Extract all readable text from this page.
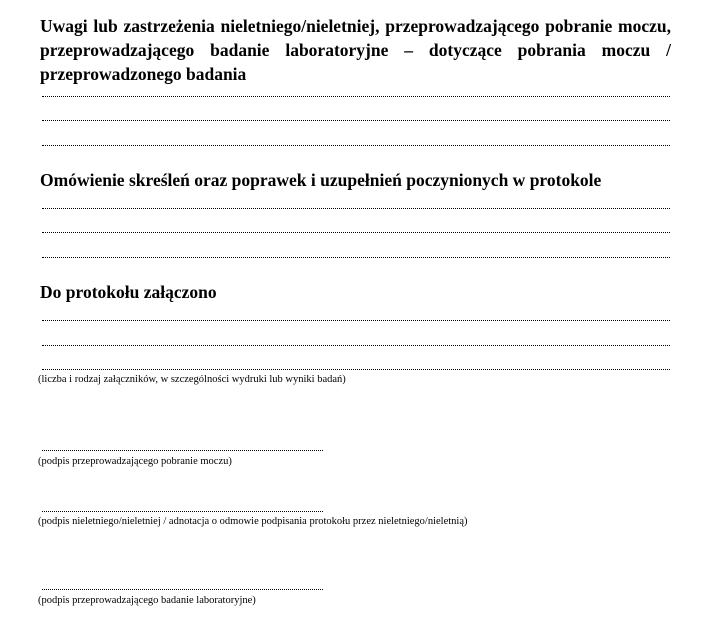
Uwagi lub zastrzeżenia nieletniego/nieletniej, przeprowadzającego pobranie moczu, przeprowadzającego badanie laboratoryjne – dotyczące pobrania moczu / przeprowadzonego badania
Omówienie skreśleń oraz poprawek i uzupełnień poczynionych w protokole
Do protokołu załączono

(liczba i rodzaj załączników, w szczególności wydruki lub wyniki badań)

(podpis przeprowadzającego pobranie moczu)

(podpis nieletniego/nieletniej / adnotacja o odmowie podpisania protokołu przez nieletniego/nieletnią)

(podpis przeprowadzającego badanie laboratoryjne)
